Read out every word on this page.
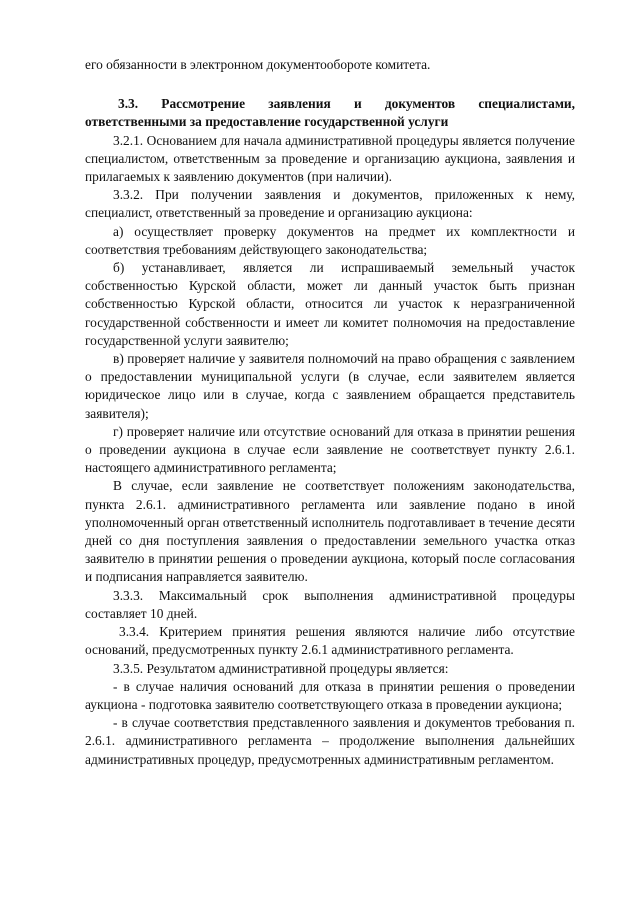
его обязанности в электронном документообороте комитета.

3.3. Рассмотрение заявления и документов специалистами, ответственными за предоставление государственной услуги

3.2.1. Основанием для начала административной процедуры является получение специалистом, ответственным за проведение и организацию аукциона, заявления и прилагаемых к заявлению документов (при наличии).

3.3.2. При получении заявления и документов, приложенных к нему, специалист, ответственный за проведение и организацию аукциона:

а) осуществляет проверку документов на предмет их комплектности и соответствия требованиям действующего законодательства;

б) устанавливает, является ли испрашиваемый земельный участок собственностью Курской области, может ли данный участок быть признан собственностью Курской области, относится ли участок к неразграниченной государственной собственности и имеет ли комитет полномочия на предоставление государственной услуги заявителю;

в) проверяет наличие у заявителя полномочий на право обращения с заявлением о предоставлении муниципальной услуги (в случае, если заявителем является юридическое лицо или в случае, когда с заявлением обращается представитель заявителя);

г) проверяет наличие или отсутствие оснований для отказа в принятии решения о проведении аукциона в случае если заявление не соответствует пункту 2.6.1. настоящего административного регламента;

В случае, если заявление не соответствует положениям законодательства, пункта 2.6.1. административного регламента или заявление подано в иной уполномоченный орган ответственный исполнитель подготавливает в течение десяти дней со дня поступления заявления о предоставлении земельного участка отказ заявителю в принятии решения о проведении аукциона, который после согласования и подписания направляется заявителю.

3.3.3. Максимальный срок выполнения административной процедуры составляет 10 дней.

3.3.4. Критерием принятия решения являются наличие либо отсутствие оснований, предусмотренных пункту 2.6.1 административного регламента.

3.3.5. Результатом административной процедуры является:

- в случае наличия оснований для отказа в принятии решения о проведении аукциона - подготовка заявителю соответствующего отказа в проведении аукциона;

- в случае соответствия представленного заявления и документов требования п. 2.6.1. административного регламента – продолжение выполнения дальнейших административных процедур, предусмотренных административным регламентом.
